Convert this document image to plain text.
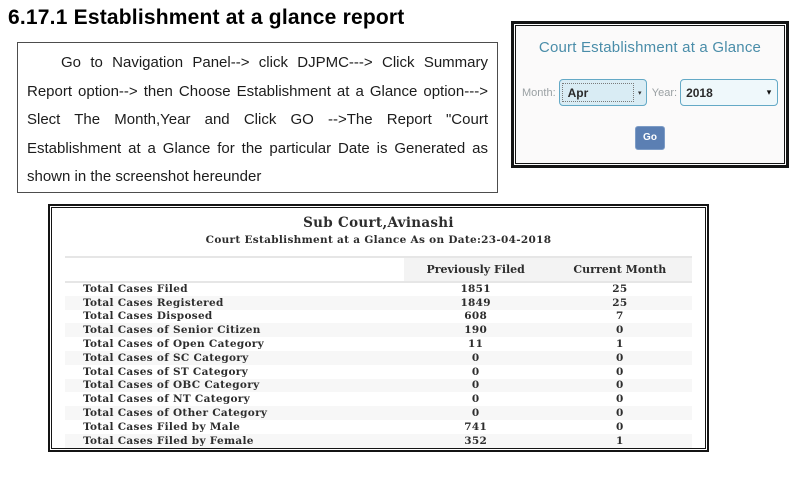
6.17.1 Establishment at a glance report

Go to Navigation Panel--> click DJPMC---> Click Summary Report option--> then Choose Establishment at a Glance option---> Slect The Month,Year and Click GO -->The Report "Court Establishment at a Glance for the particular Date is Generated as shown in the screenshot hereunder

Court Establishment at a Glance
Month:	Apr	▾ Year: 2018	▾
Go
Sub Court,Avinashi
Court Establishment at a Glance As on Date:23-04-2018
	Previously Filed	Current Month
Total Cases Filed	1851	25
Total Cases Registered	1849	25
Total Cases Disposed	608	7
Total Cases of Senior Citizen	190	0
Total Cases of Open Category	11	1
Total Cases of SC Category	0	0
Total Cases of ST Category	0	0
Total Cases of OBC Category	0	0
Total Cases of NT Category	0	0
Total Cases of Other Category	0	0
Total Cases Filed by Male	741	0
Total Cases Filed by Female	352	1
